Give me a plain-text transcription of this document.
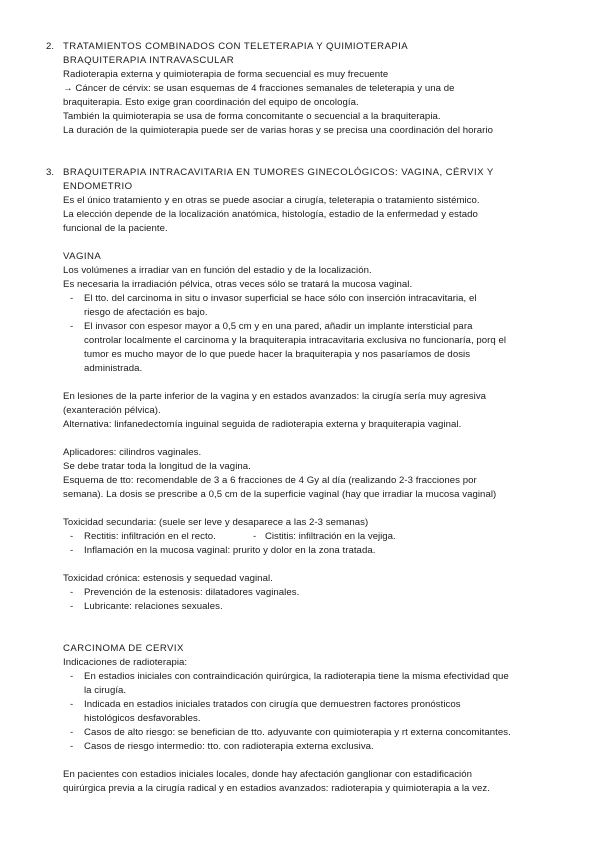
2. TRATAMIENTOS COMBINADOS CON TELETERAPIA Y QUIMIOTERAPIA
BRAQUITERAPIA INTRAVASCULAR
Radioterapia externa y quimioterapia de forma secuencial es muy frecuente
→ Cáncer de cérvix: se usan esquemas de 4 fracciones semanales de teleterapia y una de
braquiterapia. Esto exige gran coordinación del equipo de oncología.
También la quimioterapia se usa de forma concomitante o secuencial a la braquiterapia.
La duración de la quimioterapia puede ser de varias horas y se precisa una coordinación del horario
3. BRAQUITERAPIA INTRACAVITARIA EN TUMORES GINECOLÓGICOS: VAGINA, CÉRVIX Y
ENDOMETRIO
Es el único tratamiento y en otras se puede asociar a cirugía, teleterapia o tratamiento sistémico.
La elección depende de la localización anatómica, histología, estadio de la enfermedad y estado
funcional de la paciente.
VAGINA
Los volúmenes a irradiar van en función del estadio y de la localización.
Es necesaria la irradiación pélvica, otras veces sólo se tratará la mucosa vaginal.
- El tto. del carcinoma in situ o invasor superficial se hace sólo con inserción intracavitaria, el
riesgo de afectación es bajo.
- El invasor con espesor mayor a 0,5 cm y en una pared, añadir un implante intersticial para
controlar localmente el carcinoma y la braquiterapia intracavitaria exclusiva no funcionaría, porq el
tumor es mucho mayor de lo que puede hacer la braquiterapia y nos pasaríamos de dosis
administrada.
En lesiones de la parte inferior de la vagina y en estados avanzados: la cirugía sería muy agresiva
(exanteración pélvica).
Alternativa: linfanedectomía inguinal seguida de radioterapia externa y braquiterapia vaginal.
Aplicadores: cilindros vaginales.
Se debe tratar toda la longitud de la vagina.
Esquema de tto: recomendable de 3 a 6 fracciones de 4 Gy al día (realizando 2-3 fracciones por
semana). La dosis se prescribe a 0,5 cm de la superficie vaginal (hay que irradiar la mucosa vaginal)
Toxicidad secundaria: (suele ser leve y desaparece a las 2-3 semanas)
- Rectitis: infiltración en el recto.	- Cistitis: infiltración en la vejiga.
- Inflamación en la mucosa vaginal: prurito y dolor en la zona tratada.
Toxicidad crónica: estenosis y sequedad vaginal.
- Prevención de la estenosis: dilatadores vaginales.
- Lubricante: relaciones sexuales.
CARCINOMA DE CERVIX
Indicaciones de radioterapia:
- En estadios iniciales con contraindicación quirúrgica, la radioterapia tiene la misma efectividad que
la cirugía.
- Indicada en estadios iniciales tratados con cirugía que demuestren factores pronósticos
histológicos desfavorables.
- Casos de alto riesgo: se benefician de tto. adyuvante con quimioterapia y rt externa concomitantes.
- Casos de riesgo intermedio: tto. con radioterapia externa exclusiva.
En pacientes con estadios iniciales locales, donde hay afectación ganglionar con estadificación
quirúrgica previa a la cirugía radical y en estadios avanzados: radioterapia y quimioterapia a la vez.
